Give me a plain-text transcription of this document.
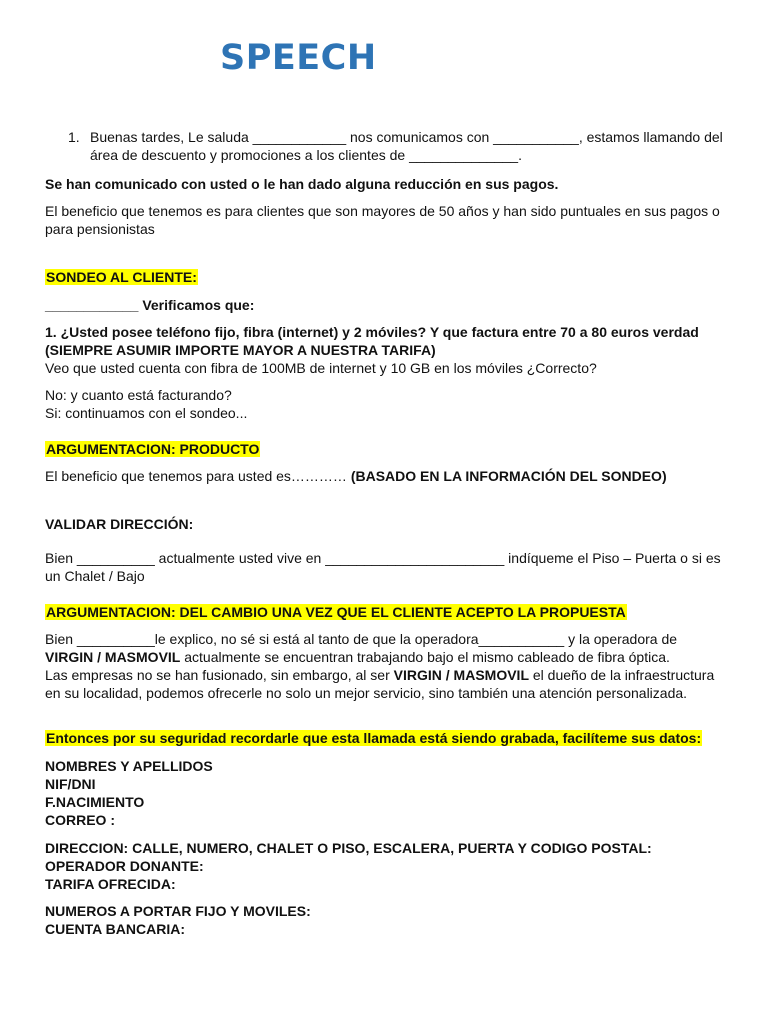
SPEECH
1. Buenas tardes, Le saluda ____________ nos comunicamos con ___________, estamos llamando del área de descuento y promociones a los clientes de ______________.
Se han comunicado con usted o le han dado alguna reducción en sus pagos.
El beneficio que tenemos es para clientes que son mayores de 50 años y han sido puntuales en sus pagos o para pensionistas
SONDEO AL CLIENTE:
____________ Verificamos que:
1. ¿Usted posee teléfono fijo, fibra (internet) y 2 móviles? Y que factura entre 70 a 80 euros verdad
(SIEMPRE ASUMIR IMPORTE MAYOR A NUESTRA TARIFA)
Veo que usted cuenta con fibra de 100MB de internet y 10 GB en los móviles ¿Correcto?
No: y cuanto está facturando?
Si: continuamos con el sondeo...
ARGUMENTACION: PRODUCTO
El beneficio que tenemos para usted es………… (BASADO EN LA INFORMACIÓN DEL SONDEO)
VALIDAR DIRECCIÓN:
Bien __________ actualmente usted vive en _______________________ indíqueme el Piso – Puerta o si es un Chalet / Bajo
ARGUMENTACION: DEL CAMBIO UNA VEZ QUE EL CLIENTE ACEPTO LA PROPUESTA
Bien __________le explico, no sé si está al tanto de que la operadora___________ y la operadora de
VIRGIN / MASMOVIL actualmente se encuentran trabajando bajo el mismo cableado de fibra óptica.
Las empresas no se han fusionado, sin embargo, al ser VIRGIN / MASMOVIL el dueño de la infraestructura en su localidad, podemos ofrecerle no solo un mejor servicio, sino también una atención personalizada.
Entonces por su seguridad recordarle que esta llamada está siendo grabada, facilíteme sus datos:
NOMBRES Y APELLIDOS
NIF/DNI
F.NACIMIENTO
CORREO :
DIRECCION: CALLE, NUMERO, CHALET O PISO, ESCALERA, PUERTA Y CODIGO POSTAL:
OPERADOR DONANTE:
TARIFA OFRECIDA:
NUMEROS A PORTAR FIJO Y MOVILES:
CUENTA BANCARIA:
